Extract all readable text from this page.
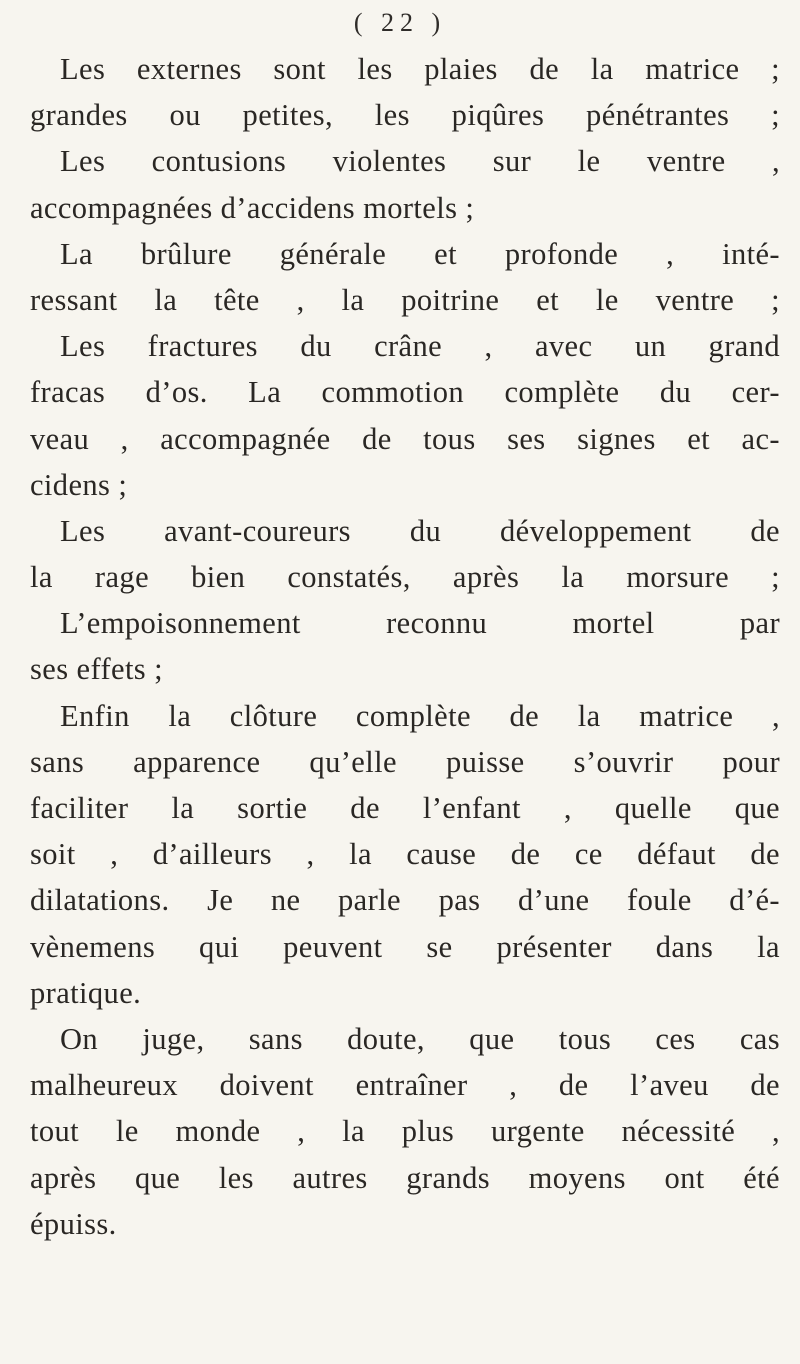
( 22 )
Les externes sont les plaies de la matrice ;
grandes ou petites, les piqûres pénétrantes ;
Les contusions violentes sur le ventre ,
accompagnées d’accidens mortels ;
La brûlure générale et profonde , inté-
ressant la tête , la poitrine et le ventre ;
Les fractures du crâne , avec un grand
fracas d’os. La commotion complète du cer-
veau , accompagnée de tous ses signes et ac-
cidens ;
Les avant-coureurs du développement de
la rage bien constatés, après la morsure ;
L’empoisonnement reconnu mortel par
ses effets ;
Enfin la clôture complète de la matrice ,
sans apparence qu’elle puisse s’ouvrir pour
faciliter la sortie de l’enfant , quelle que
soit , d’ailleurs , la cause de ce défaut de
dilatations. Je ne parle pas d’une foule d’é-
vènemens qui peuvent se présenter dans la
pratique.
On juge, sans doute, que tous ces cas
malheureux doivent entraîner , de l’aveu de
tout le monde , la plus urgente nécessité ,
après que les autres grands moyens ont été
épuiss.
